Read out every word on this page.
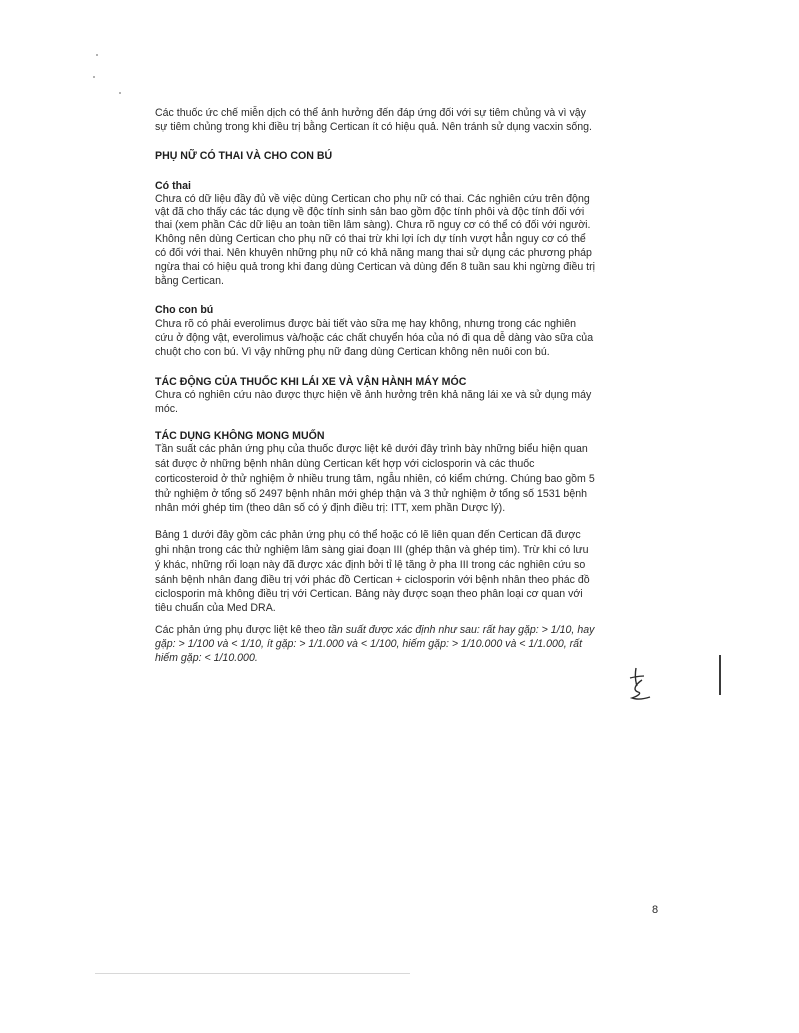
Các thuốc ức chế miễn dịch có thể ảnh hưởng đến đáp ứng đối với sự tiêm chủng và vì vậy

sự tiêm chủng trong khi điều trị bằng Certican ít có hiệu quả. Nên tránh sử dụng vacxin sống.

PHỤ NỮ CÓ THAI VÀ CHO CON BÚ
Có thai

Chưa có dữ liệu đầy đủ về việc dùng Certican cho phụ nữ có thai. Các nghiên cứu trên động

vật đã cho thấy các tác dụng về độc tính sinh sản bao gồm độc tính phôi và độc tính đối với

thai (xem phần Các dữ liệu an toàn tiền lâm sàng). Chưa rõ nguy cơ có thể có đối với người.

Không nên dùng Certican cho phụ nữ có thai trừ khi lợi ích dự tính vượt hẳn nguy cơ có thể

có đối với thai. Nên khuyên những phụ nữ có khả năng mang thai sử dụng các phương pháp

ngừa thai có hiệu quả trong khi đang dùng Certican và dùng đến 8 tuần sau khi ngừng điều trị

bằng Certican.

Cho con bú

Chưa rõ có phải everolimus được bài tiết vào sữa mẹ hay không, nhưng trong các nghiên

cứu ở động vật, everolimus và/hoặc các chất chuyển hóa của nó đi qua dễ dàng vào sữa của

chuột cho con bú. Vì vậy những phụ nữ đang dùng Certican không nên nuôi con bú.

TÁC ĐỘNG CỦA THUỐC KHI LÁI XE VÀ VẬN HÀNH MÁY MÓC

Chưa có nghiên cứu nào được thực hiện về ảnh hưởng trên khả năng lái xe và sử dụng máy

móc.

TÁC DỤNG KHÔNG MONG MUỐN

Tần suất các phản ứng phụ của thuốc được liệt kê dưới đây trình bày những biểu hiện quan

sát được ở những bệnh nhân dùng Certican kết hợp với ciclosporin và các thuốc

corticosteroid ở thử nghiệm ở nhiều trung tâm, ngẫu nhiên, có kiểm chứng. Chúng bao gồm 5

thử nghiệm ở tổng số 2497 bệnh nhân mới ghép thận và 3 thử nghiệm ở tổng số 1531 bệnh

nhân mới ghép tim (theo dân số có ý định điều trị: ITT, xem phần Dược lý).

Bảng 1 dưới đây gồm các phản ứng phụ có thể hoặc có lẽ liên quan đến Certican đã được

ghi nhận trong các thử nghiệm lâm sàng giai đoạn III (ghép thận và ghép tim). Trừ khi có lưu

ý khác, những rối loạn này đã được xác định bởi tỉ lệ tăng ở pha III trong các nghiên cứu so

sánh bệnh nhân đang điều trị với phác đồ Certican + ciclosporin với bệnh nhân theo phác đồ

ciclosporin mà không điều trị với Certican. Bảng này được soạn theo phân loại cơ quan với

tiêu chuẩn của Med DRA.

Các phản ứng phụ được liệt kê theo tần suất được xác định như sau: rất hay gặp: > 1/10, hay

gặp: > 1/100 và < 1/10, ít gặp: > 1/1.000 và < 1/100, hiếm gặp: > 1/10.000 và < 1/1.000, rất

hiếm gặp: < 1/10.000.

8
